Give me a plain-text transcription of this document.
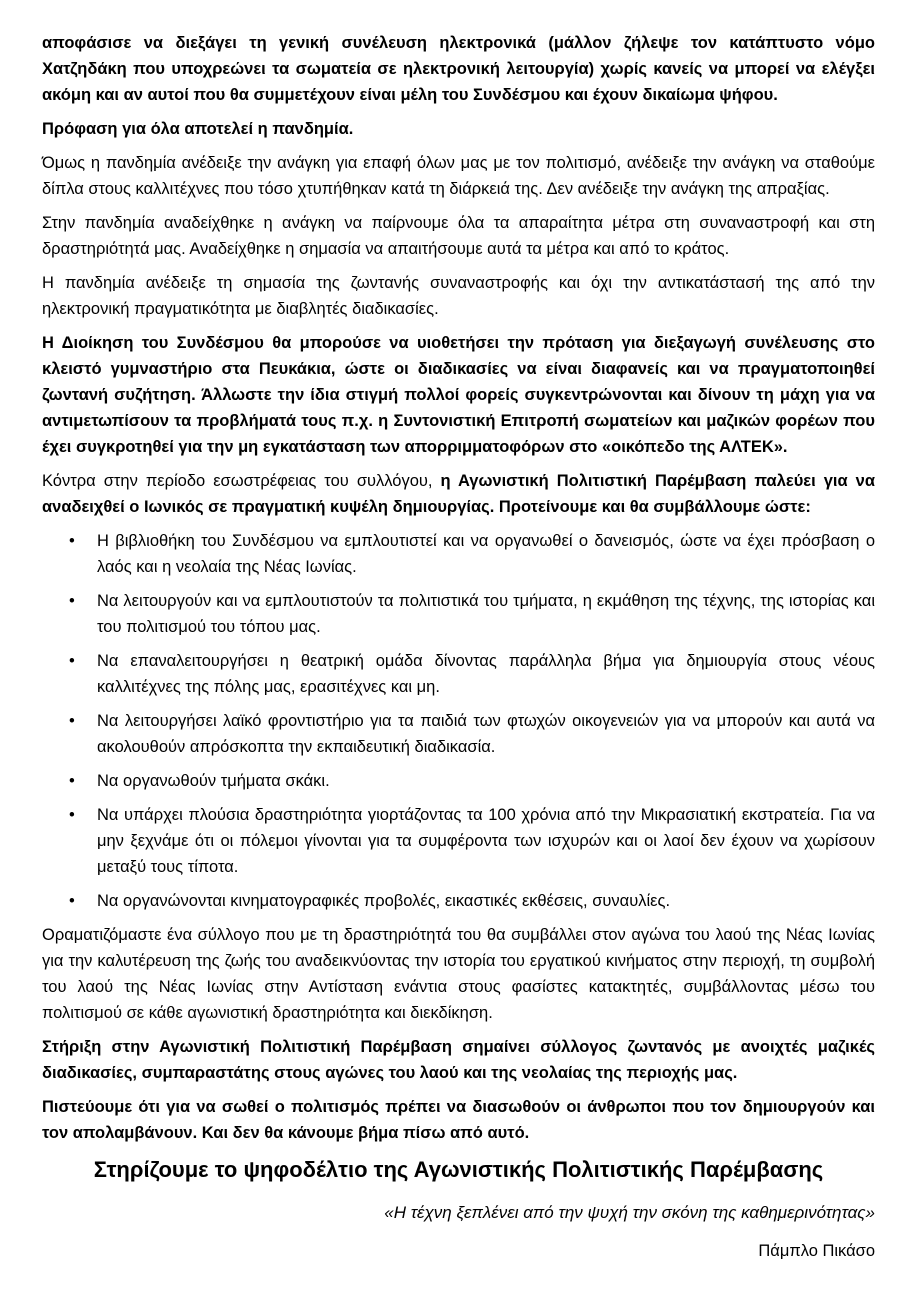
αποφάσισε να διεξάγει τη γενική συνέλευση ηλεκτρονικά (μάλλον ζήλεψε τον κατάπτυστο νόμο Χατζηδάκη που υποχρεώνει τα σωματεία σε ηλεκτρονική λειτουργία) χωρίς κανείς να μπορεί να ελέγξει ακόμη και αν αυτοί που θα συμμετέχουν είναι μέλη του Συνδέσμου και έχουν δικαίωμα ψήφου.

Πρόφαση για όλα αποτελεί η πανδημία.

Όμως η πανδημία ανέδειξε την ανάγκη για επαφή όλων μας με τον πολιτισμό, ανέδειξε την ανάγκη να σταθούμε δίπλα στους καλλιτέχνες που τόσο χτυπήθηκαν κατά τη διάρκειά της. Δεν ανέδειξε την ανάγκη της απραξίας.

Στην πανδημία αναδείχθηκε η ανάγκη να παίρνουμε όλα τα απαραίτητα μέτρα στη συναναστροφή και στη δραστηριότητά μας. Αναδείχθηκε η σημασία να απαιτήσουμε αυτά τα μέτρα και από το κράτος.

Η πανδημία ανέδειξε τη σημασία της ζωντανής συναναστροφής και όχι την αντικατάστασή της από την ηλεκτρονική πραγματικότητα με διαβλητές διαδικασίες.

Η Διοίκηση του Συνδέσμου θα μπορούσε να υιοθετήσει την πρόταση για διεξαγωγή συνέλευσης στο κλειστό γυμναστήριο στα Πευκάκια, ώστε οι διαδικασίες να είναι διαφανείς και να πραγματοποιηθεί ζωντανή συζήτηση. Άλλωστε την ίδια στιγμή πολλοί φορείς συγκεντρώνονται και δίνουν τη μάχη για να αντιμετωπίσουν τα προβλήματά τους π.χ. η Συντονιστική Επιτροπή σωματείων και μαζικών φορέων που έχει συγκροτηθεί για την μη εγκατάσταση των απορριμματοφόρων στο «οικόπεδο της ΑΛΤΕΚ».

Κόντρα στην περίοδο εσωστρέφειας του συλλόγου, η Αγωνιστική Πολιτιστική Παρέμβαση παλεύει για να αναδειχθεί ο Ιωνικός σε πραγματική κυψέλη δημιουργίας. Προτείνουμε και θα συμβάλλουμε ώστε:

• Η βιβλιοθήκη του Συνδέσμου να εμπλουτιστεί και να οργανωθεί ο δανεισμός, ώστε να έχει πρόσβαση ο λαός και η νεολαία της Νέας Ιωνίας.
• Να λειτουργούν και να εμπλουτιστούν τα πολιτιστικά του τμήματα, η εκμάθηση της τέχνης, της ιστορίας και του πολιτισμού του τόπου μας.
• Να επαναλειτουργήσει η θεατρική ομάδα δίνοντας παράλληλα βήμα για δημιουργία στους νέους καλλιτέχνες της πόλης μας, ερασιτέχνες και μη.
• Να λειτουργήσει λαϊκό φροντιστήριο για τα παιδιά των φτωχών οικογενειών για να μπορούν και αυτά να ακολουθούν απρόσκοπτα την εκπαιδευτική διαδικασία.
• Να οργανωθούν τμήματα σκάκι.
• Να υπάρχει πλούσια δραστηριότητα γιορτάζοντας τα 100 χρόνια από την Μικρασιατική εκστρατεία. Για να μην ξεχνάμε ότι οι πόλεμοι γίνονται για τα συμφέροντα των ισχυρών και οι λαοί δεν έχουν να χωρίσουν μεταξύ τους τίποτα.
• Να οργανώνονται κινηματογραφικές προβολές, εικαστικές εκθέσεις, συναυλίες.

Οραματιζόμαστε ένα σύλλογο που με τη δραστηριότητά του θα συμβάλλει στον αγώνα του λαού της Νέας Ιωνίας για την καλυτέρευση της ζωής του αναδεικνύοντας την ιστορία του εργατικού κινήματος στην περιοχή, τη συμβολή του λαού της Νέας Ιωνίας στην Αντίσταση ενάντια στους φασίστες κατακτητές, συμβάλλοντας μέσω του πολιτισμού σε κάθε αγωνιστική δραστηριότητα και διεκδίκηση.

Στήριξη στην Αγωνιστική Πολιτιστική Παρέμβαση σημαίνει σύλλογος ζωντανός με ανοιχτές μαζικές διαδικασίες, συμπαραστάτης στους αγώνες του λαού και της νεολαίας της περιοχής μας.

Πιστεύουμε ότι για να σωθεί ο πολιτισμός πρέπει να διασωθούν οι άνθρωποι που τον δημιουργούν και τον απολαμβάνουν. Και δεν θα κάνουμε βήμα πίσω από αυτό.

Στηρίζουμε το ψηφοδέλτιο της Αγωνιστικής Πολιτιστικής Παρέμβασης

«Η τέχνη ξεπλένει από την ψυχή την σκόνη της καθημερινότητας»

Πάμπλο Πικάσο
